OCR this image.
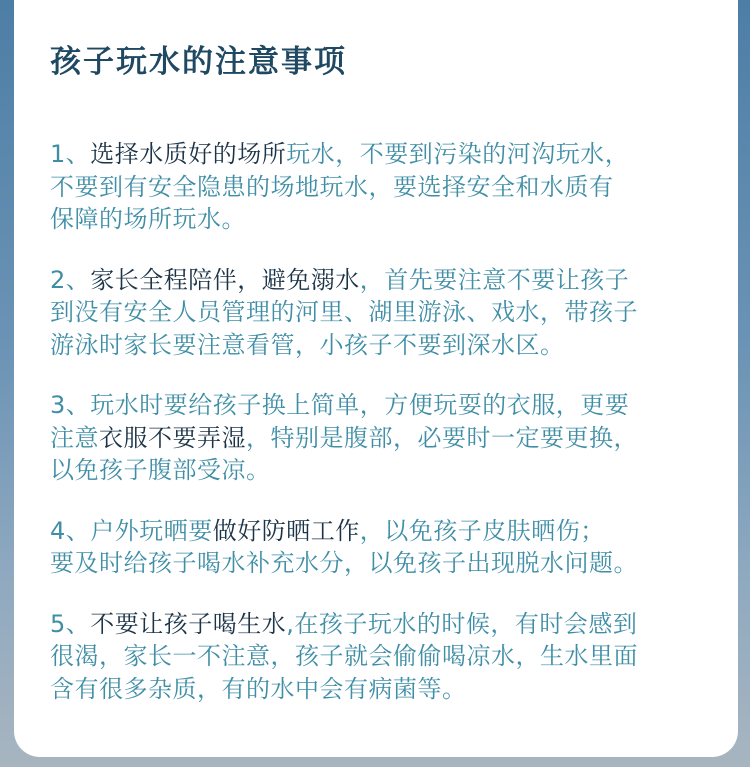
孩子玩水的注意事项
1、选择水质好的场所玩水，不要到污染的河沟玩水，
不要到有安全隐患的场地玩水，要选择安全和水质有
保障的场所玩水。
2、家长全程陪伴，避免溺水，首先要注意不要让孩子
到没有安全人员管理的河里、湖里游泳、戏水，带孩子
游泳时家长要注意看管，小孩子不要到深水区。
3、玩水时要给孩子换上简单，方便玩耍的衣服，更要
注意衣服不要弄湿，特别是腹部，必要时一定要更换，
以免孩子腹部受凉。
4、户外玩晒要做好防晒工作，以免孩子皮肤晒伤；
要及时给孩子喝水补充水分，以免孩子出现脱水问题。
5、不要让孩子喝生水,在孩子玩水的时候，有时会感到
很渴，家长一不注意，孩子就会偷偷喝凉水，生水里面
含有很多杂质，有的水中会有病菌等。
